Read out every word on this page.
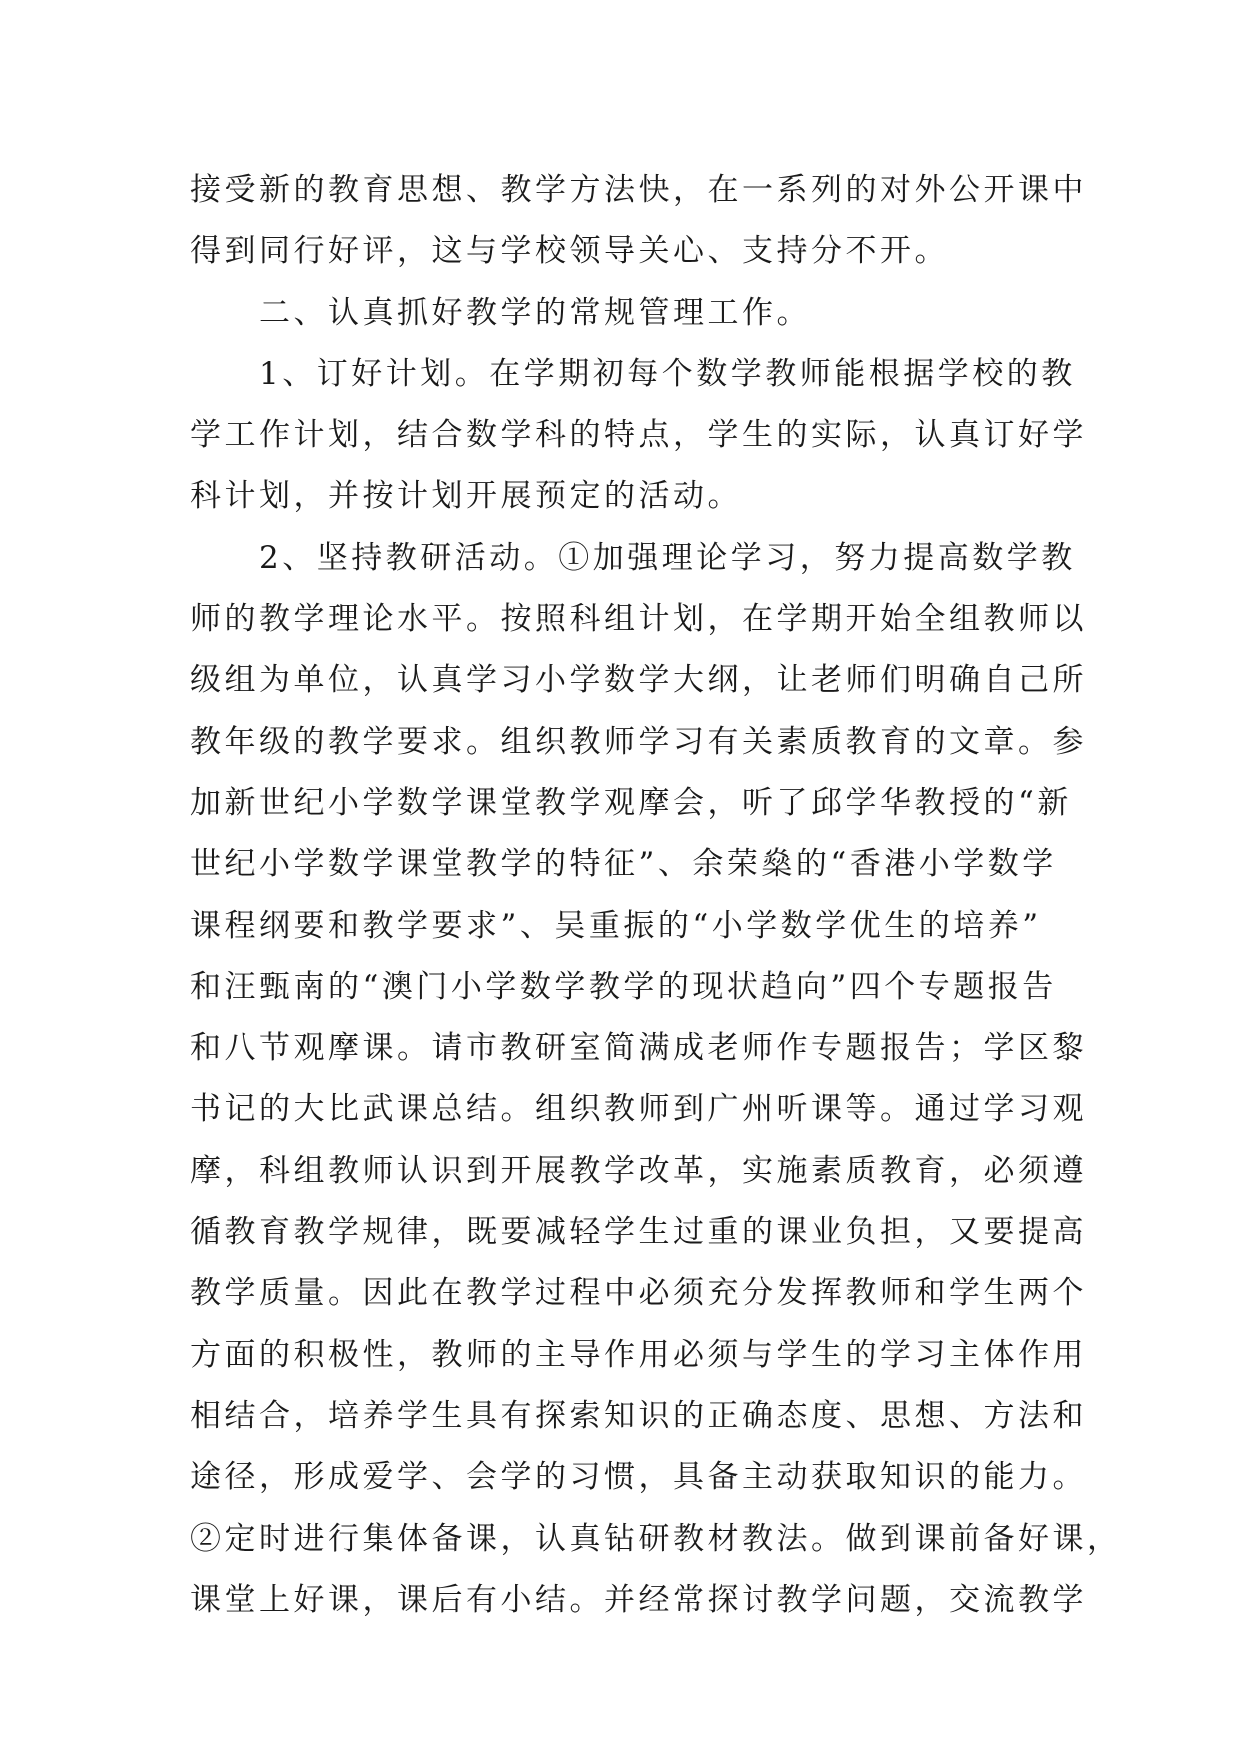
接受新的教育思想、教学方法快，在一系列的对外公开课中
得到同行好评，这与学校领导关心、支持分不开。
　　二、认真抓好教学的常规管理工作。
　　1、订好计划。在学期初每个数学教师能根据学校的教
学工作计划，结合数学科的特点，学生的实际，认真订好学
科计划，并按计划开展预定的活动。
　　2、坚持教研活动。①加强理论学习，努力提高数学教
师的教学理论水平。按照科组计划，在学期开始全组教师以
级组为单位，认真学习小学数学大纲，让老师们明确自己所
教年级的教学要求。组织教师学习有关素质教育的文章。参
加新世纪小学数学课堂教学观摩会，听了邱学华教授的“新
世纪小学数学课堂教学的特征”、余荣燊的“香港小学数学
课程纲要和教学要求”、吴重振的“小学数学优生的培养”
和汪甄南的“澳门小学数学教学的现状趋向”四个专题报告
和八节观摩课。请市教研室简满成老师作专题报告；学区黎
书记的大比武课总结。组织教师到广州听课等。通过学习观
摩，科组教师认识到开展教学改革，实施素质教育，必须遵
循教育教学规律，既要减轻学生过重的课业负担，又要提高
教学质量。因此在教学过程中必须充分发挥教师和学生两个
方面的积极性，教师的主导作用必须与学生的学习主体作用
相结合，培养学生具有探索知识的正确态度、思想、方法和
途径，形成爱学、会学的习惯，具备主动获取知识的能力。
②定时进行集体备课，认真钻研教材教法。做到课前备好课，
课堂上好课，课后有小结。并经常探讨教学问题，交流教学
